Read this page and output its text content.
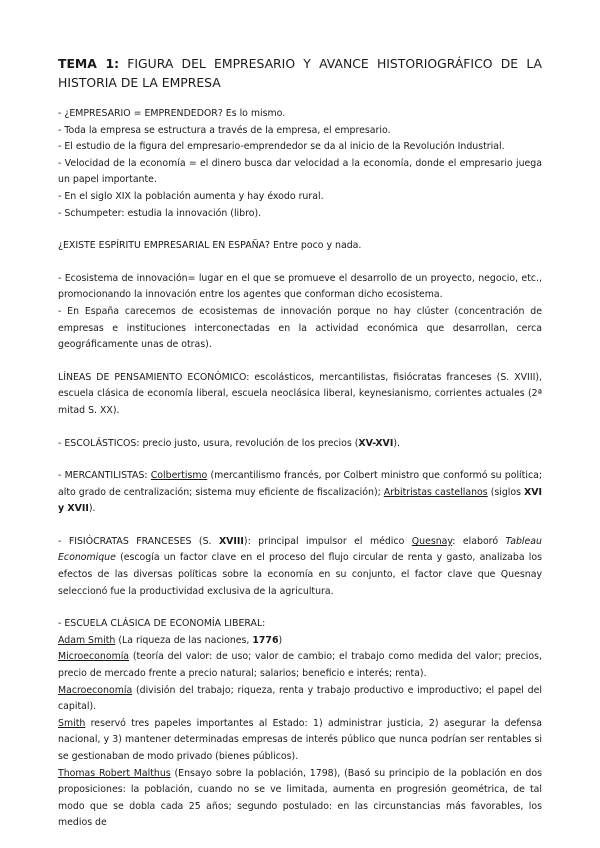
TEMA 1: FIGURA DEL EMPRESARIO Y AVANCE HISTORIOGRÁFICO DE LA HISTORIA DE LA EMPRESA

- ¿EMPRESARIO = EMPRENDEDOR? Es lo mismo.

- Toda la empresa se estructura a través de la empresa, el empresario.

- El estudio de la figura del empresario-emprendedor se da al inicio de la Revolución Industrial.

- Velocidad de la economía = el dinero busca dar velocidad a la economía, donde el empresario juega un papel importante.

- En el siglo XIX la población aumenta y hay éxodo rural.

- Schumpeter: estudia la innovación (libro).

¿EXISTE ESPÍRITU EMPRESARIAL EN ESPAÑA? Entre poco y nada.

- Ecosistema de innovación= lugar en el que se promueve el desarrollo de un proyecto, negocio, etc., promocionando la innovación entre los agentes que conforman dicho ecosistema.

- En España carecemos de ecosistemas de innovación porque no hay clúster (concentración de empresas e instituciones interconectadas en la actividad económica que desarrollan, cerca geográficamente unas de otras).

LÍNEAS DE PENSAMIENTO ECONÓMICO: escolásticos, mercantilistas, fisiócratas franceses (S. XVIII), escuela clásica de economía liberal, escuela neoclásica liberal, keynesianismo, corrientes actuales (2ª mitad S. XX).

- ESCOLÁSTICOS: precio justo, usura, revolución de los precios (XV-XVI).

- MERCANTILISTAS: Colbertismo (mercantilismo francés, por Colbert ministro que conformó su política; alto grado de centralización; sistema muy eficiente de fiscalización); Arbitristas castellanos (siglos XVI y XVII).

- FISIÓCRATAS FRANCESES (S. XVIII): principal impulsor el médico Quesnay: elaboró Tableau Economique (escogía un factor clave en el proceso del flujo circular de renta y gasto, analizaba los efectos de las diversas políticas sobre la economía en su conjunto, el factor clave que Quesnay seleccionó fue la productividad exclusiva de la agricultura.

- ESCUELA CLÁSICA DE ECONOMÍA LIBERAL:

Adam Smith (La riqueza de las naciones, 1776)

Microeconomía (teoría del valor: de uso; valor de cambio; el trabajo como medida del valor; precios, precio de mercado frente a precio natural; salarios; beneficio e interés; renta).

Macroeconomía (división del trabajo; riqueza, renta y trabajo productivo e improductivo; el papel del capital).

Smith reservó tres papeles importantes al Estado: 1) administrar justicia, 2) asegurar la defensa nacional, y 3) mantener determinadas empresas de interés público que nunca podrían ser rentables si se gestionaban de modo privado (bienes públicos).

Thomas Robert Malthus (Ensayo sobre la población, 1798), (Basó su principio de la población en dos proposiciones: la población, cuando no se ve limitada, aumenta en progresión geométrica, de tal modo que se dobla cada 25 años; segundo postulado: en las circunstancias más favorables, los medios de
